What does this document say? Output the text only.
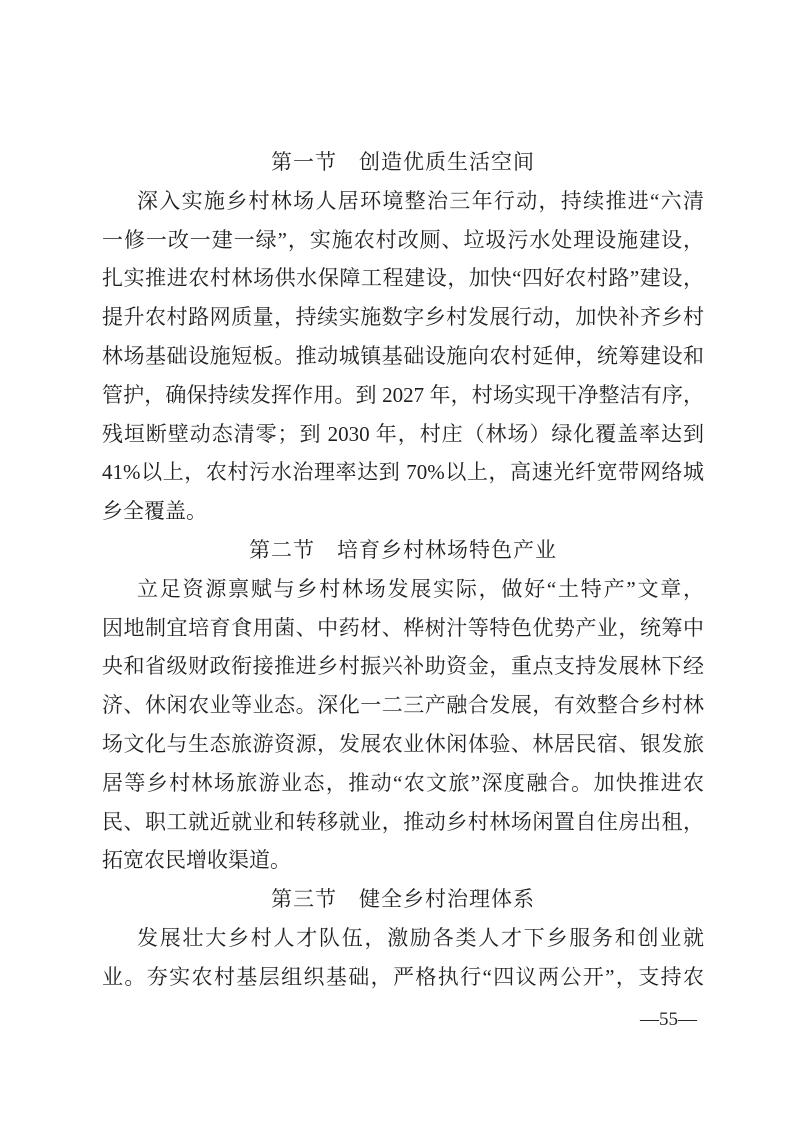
第一节　创造优质生活空间
深入实施乡村林场人居环境整治三年行动，持续推进“六清
一修一改一建一绿”，实施农村改厕、垃圾污水处理设施建设，
扎实推进农村林场供水保障工程建设，加快“四好农村路”建设，
提升农村路网质量，持续实施数字乡村发展行动，加快补齐乡村
林场基础设施短板。推动城镇基础设施向农村延伸，统筹建设和
管护，确保持续发挥作用。到 2027 年，村场实现干净整洁有序，
残垣断壁动态清零；到 2030 年，村庄（林场）绿化覆盖率达到
41%以上，农村污水治理率达到 70%以上，高速光纤宽带网络城
乡全覆盖。
第二节　培育乡村林场特色产业
立足资源禀赋与乡村林场发展实际，做好“土特产”文章，
因地制宜培育食用菌、中药材、桦树汁等特色优势产业，统筹中
央和省级财政衔接推进乡村振兴补助资金，重点支持发展林下经
济、休闲农业等业态。深化一二三产融合发展，有效整合乡村林
场文化与生态旅游资源，发展农业休闲体验、林居民宿、银发旅
居等乡村林场旅游业态，推动“农文旅”深度融合。加快推进农
民、职工就近就业和转移就业，推动乡村林场闲置自住房出租，
拓宽农民增收渠道。
第三节　健全乡村治理体系
发展壮大乡村人才队伍，激励各类人才下乡服务和创业就
业。夯实农村基层组织基础，严格执行“四议两公开”，支持农
—55—
